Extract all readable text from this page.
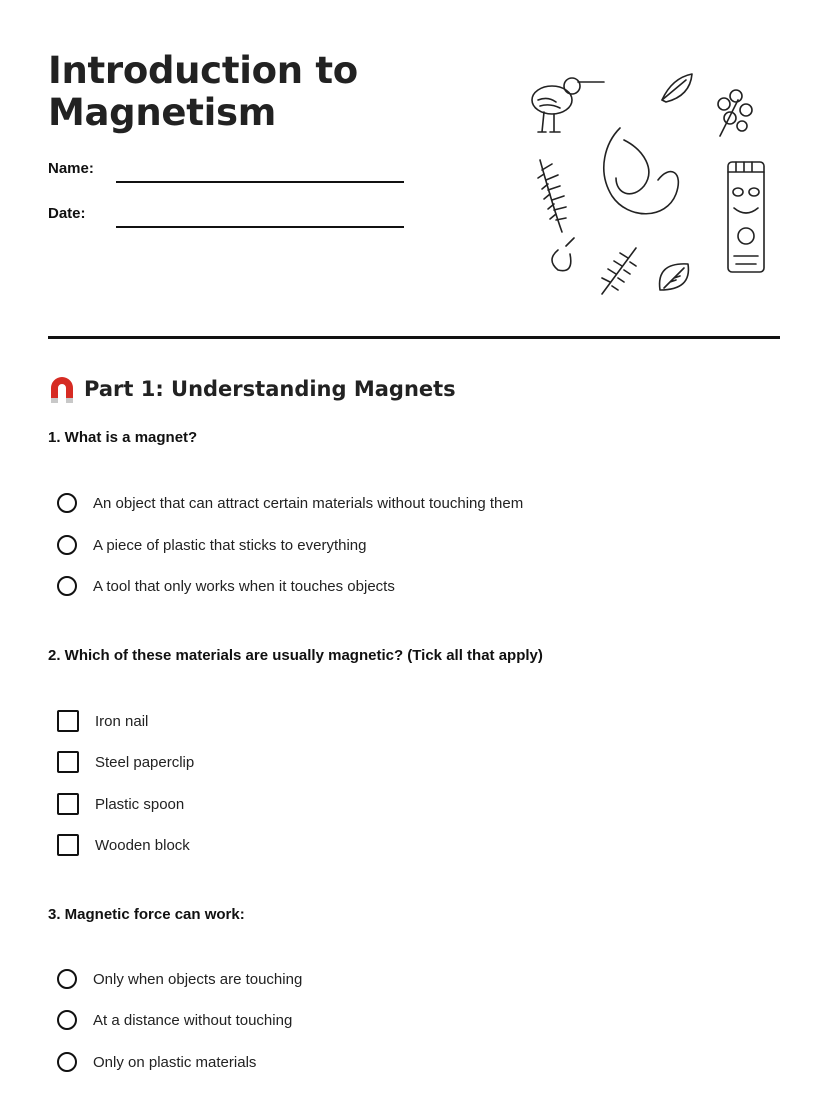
Introduction to
Magnetism
Name:
Date:
Part 1: Understanding Magnets
1. What is a magnet?
An object that can attract certain materials without touching them
A piece of plastic that sticks to everything
A tool that only works when it touches objects
2. Which of these materials are usually magnetic? (Tick all that apply)
Iron nail
Steel paperclip
Plastic spoon
Wooden block
3. Magnetic force can work:
Only when objects are touching
At a distance without touching
Only on plastic materials
